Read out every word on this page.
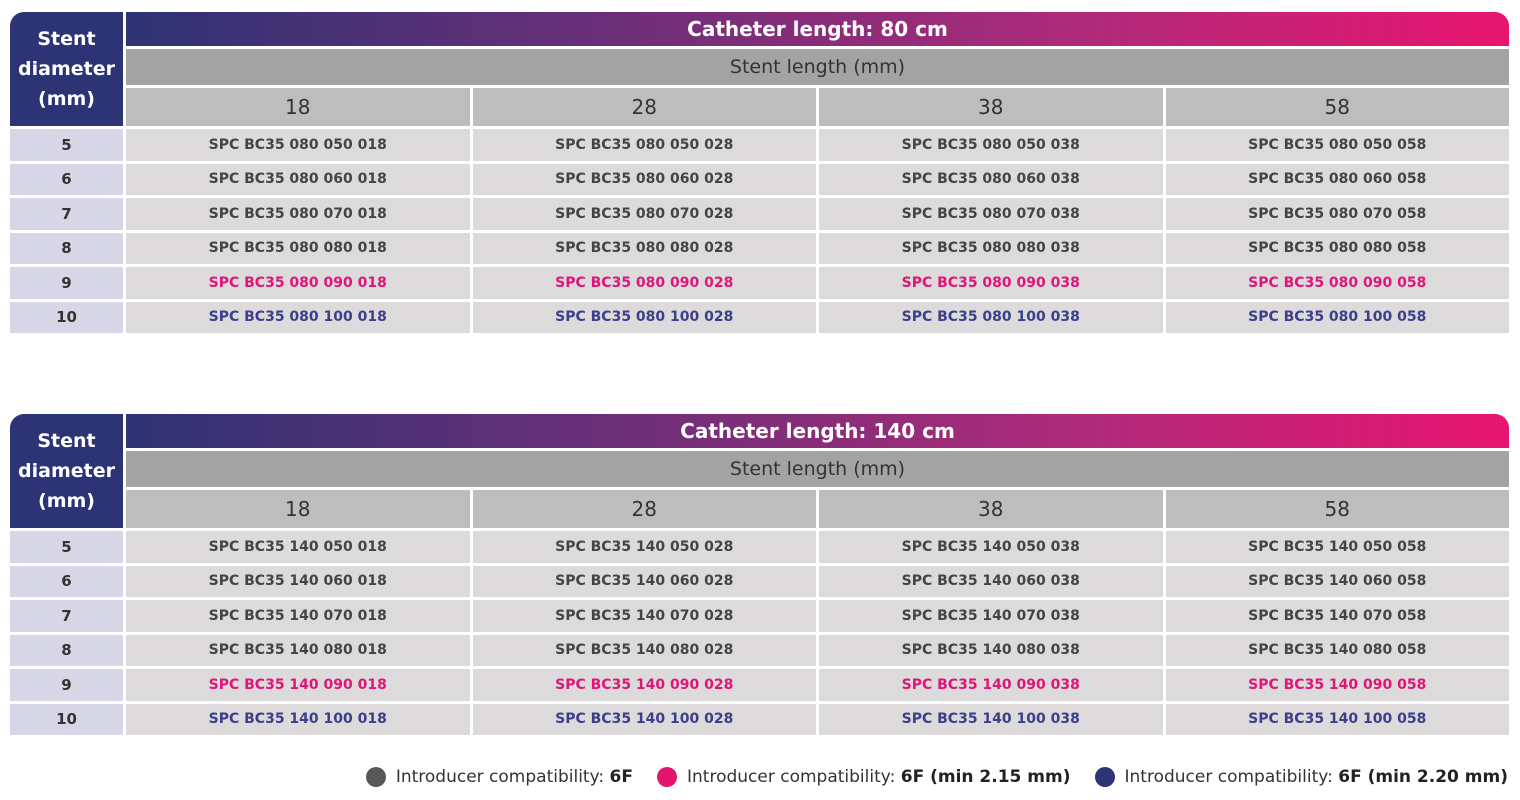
Stent
diameter
(mm)
Catheter length: 80 cm
Stent length (mm)
18	28	38	58
5	SPC BC35 080 050 018	SPC BC35 080 050 028	SPC BC35 080 050 038	SPC BC35 080 050 058
6	SPC BC35 080 060 018	SPC BC35 080 060 028	SPC BC35 080 060 038	SPC BC35 080 060 058
7	SPC BC35 080 070 018	SPC BC35 080 070 028	SPC BC35 080 070 038	SPC BC35 080 070 058
8	SPC BC35 080 080 018	SPC BC35 080 080 028	SPC BC35 080 080 038	SPC BC35 080 080 058
9	SPC BC35 080 090 018	SPC BC35 080 090 028	SPC BC35 080 090 038	SPC BC35 080 090 058
10	SPC BC35 080 100 018	SPC BC35 080 100 028	SPC BC35 080 100 038	SPC BC35 080 100 058
Stent
diameter
(mm)
Catheter length: 140 cm
Stent length (mm)
18	28	38	58
5	SPC BC35 140 050 018	SPC BC35 140 050 028	SPC BC35 140 050 038	SPC BC35 140 050 058
6	SPC BC35 140 060 018	SPC BC35 140 060 028	SPC BC35 140 060 038	SPC BC35 140 060 058
7	SPC BC35 140 070 018	SPC BC35 140 070 028	SPC BC35 140 070 038	SPC BC35 140 070 058
8	SPC BC35 140 080 018	SPC BC35 140 080 028	SPC BC35 140 080 038	SPC BC35 140 080 058
9	SPC BC35 140 090 018	SPC BC35 140 090 028	SPC BC35 140 090 038	SPC BC35 140 090 058
10	SPC BC35 140 100 018	SPC BC35 140 100 028	SPC BC35 140 100 038	SPC BC35 140 100 058
Introducer compatibility: 6F	Introducer compatibility: 6F (min 2.15 mm)	Introducer compatibility: 6F (min 2.20 mm)
